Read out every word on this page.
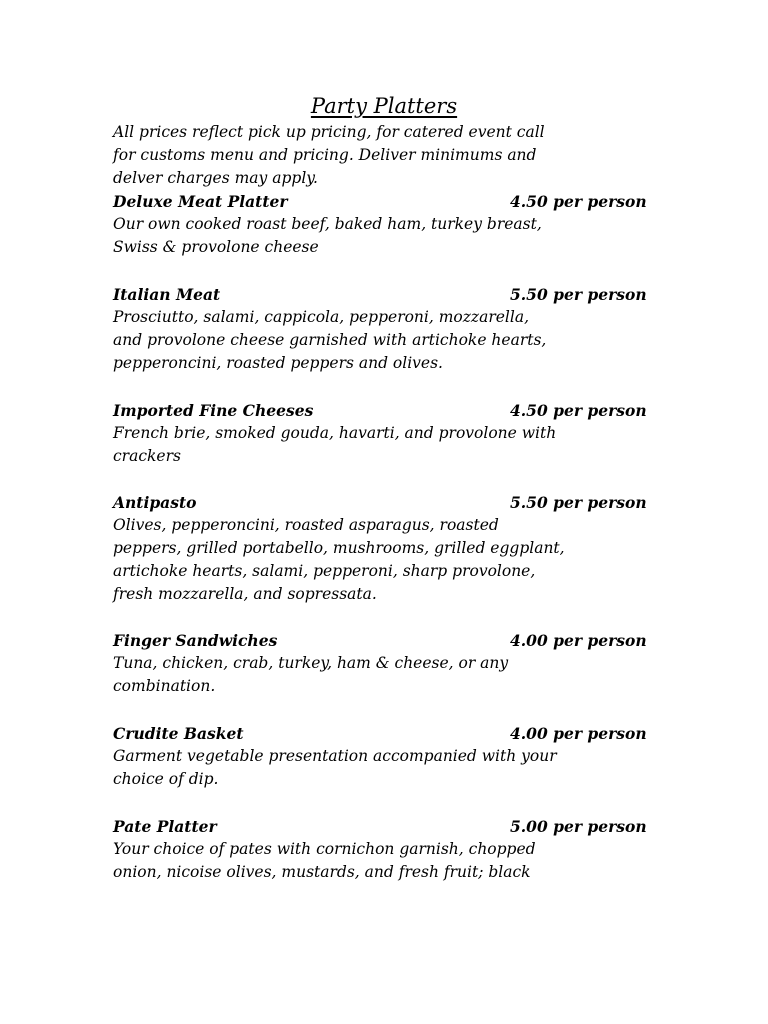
Party Platters
All prices reflect pick up pricing, for catered event call
for customs menu and pricing. Deliver minimums and
delver charges may apply.
Deluxe Meat Platter	4.50 per person
Our own cooked roast beef, baked ham, turkey breast,
Swiss & provolone cheese
Italian Meat	5.50 per person
Prosciutto, salami, cappicola, pepperoni, mozzarella,
and provolone cheese garnished with artichoke hearts,
pepperoncini, roasted peppers and olives.
Imported Fine Cheeses	4.50 per person
French brie, smoked gouda, havarti, and provolone with
crackers
Antipasto	5.50 per person
Olives, pepperoncini, roasted asparagus, roasted
peppers, grilled portabello, mushrooms, grilled eggplant,
artichoke hearts, salami, pepperoni, sharp provolone,
fresh mozzarella, and sopressata.
Finger Sandwiches	4.00 per person
Tuna, chicken, crab, turkey, ham & cheese, or any
combination.
Crudite Basket	4.00 per person
Garment vegetable presentation accompanied with your
choice of dip.
Pate Platter	5.00 per person
Your choice of pates with cornichon garnish, chopped
onion, nicoise olives, mustards, and fresh fruit; black
